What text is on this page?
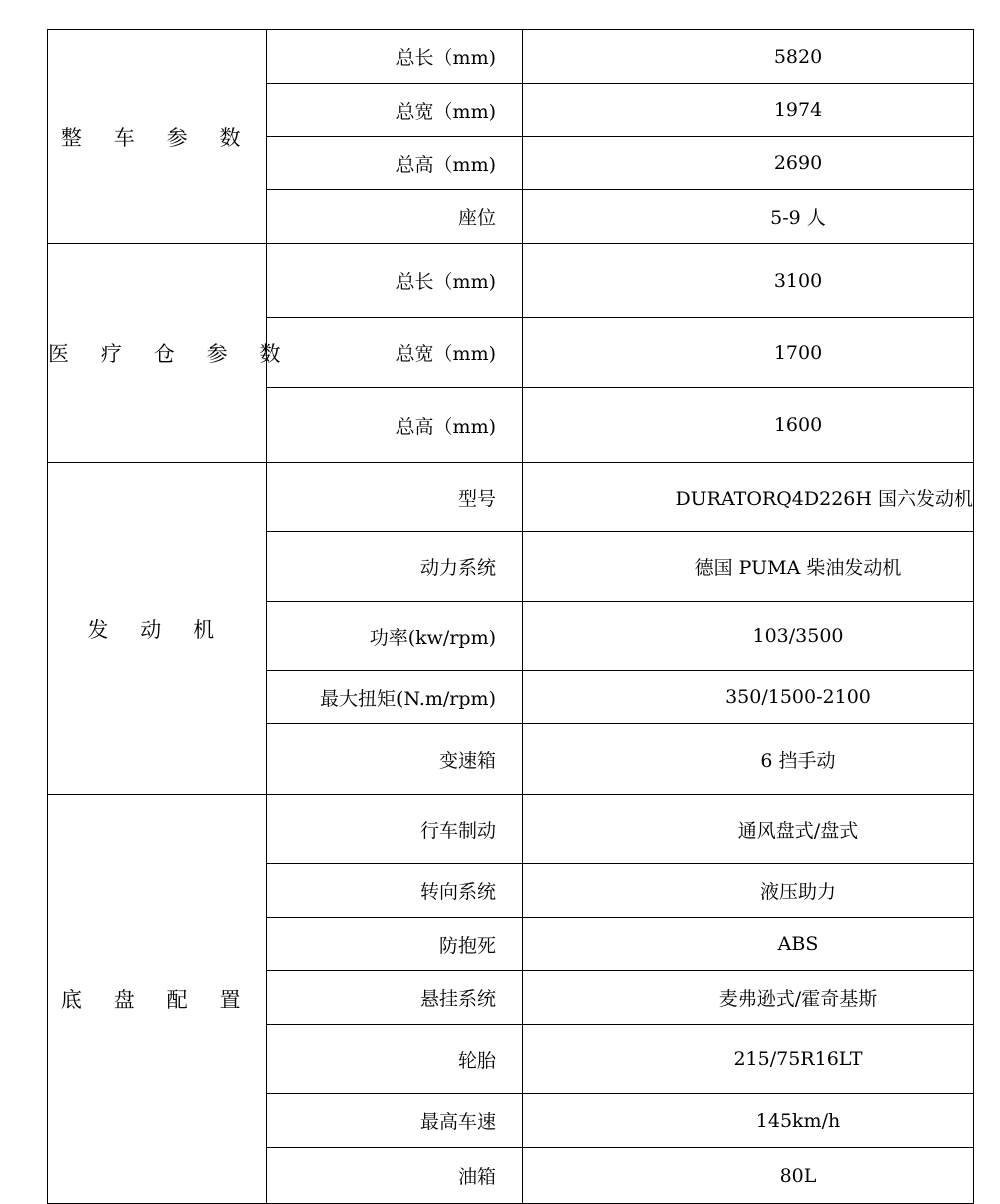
整 车 参 数	总长（mm)	5820
	总宽（mm)	1974
	总高（mm)	2690
	座位	5-9 人
医 疗 仓 参 数	总长（mm)	3100
	总宽（mm)	1700
	总高（mm)	1600
发 动 机	型号	DURATORQ4D226H 国六发动机
	动力系统	德国 PUMA 柴油发动机
	功率(kw/rpm)	103/3500
	最大扭矩(N.m/rpm)	350/1500-2100
	变速箱	6 挡手动
底 盘 配 置	行车制动	通风盘式/盘式
	转向系统	液压助力
	防抱死	ABS
	悬挂系统	麦弗逊式/霍奇基斯
	轮胎	215/75R16LT
	最高车速	145km/h
	油箱	80L
